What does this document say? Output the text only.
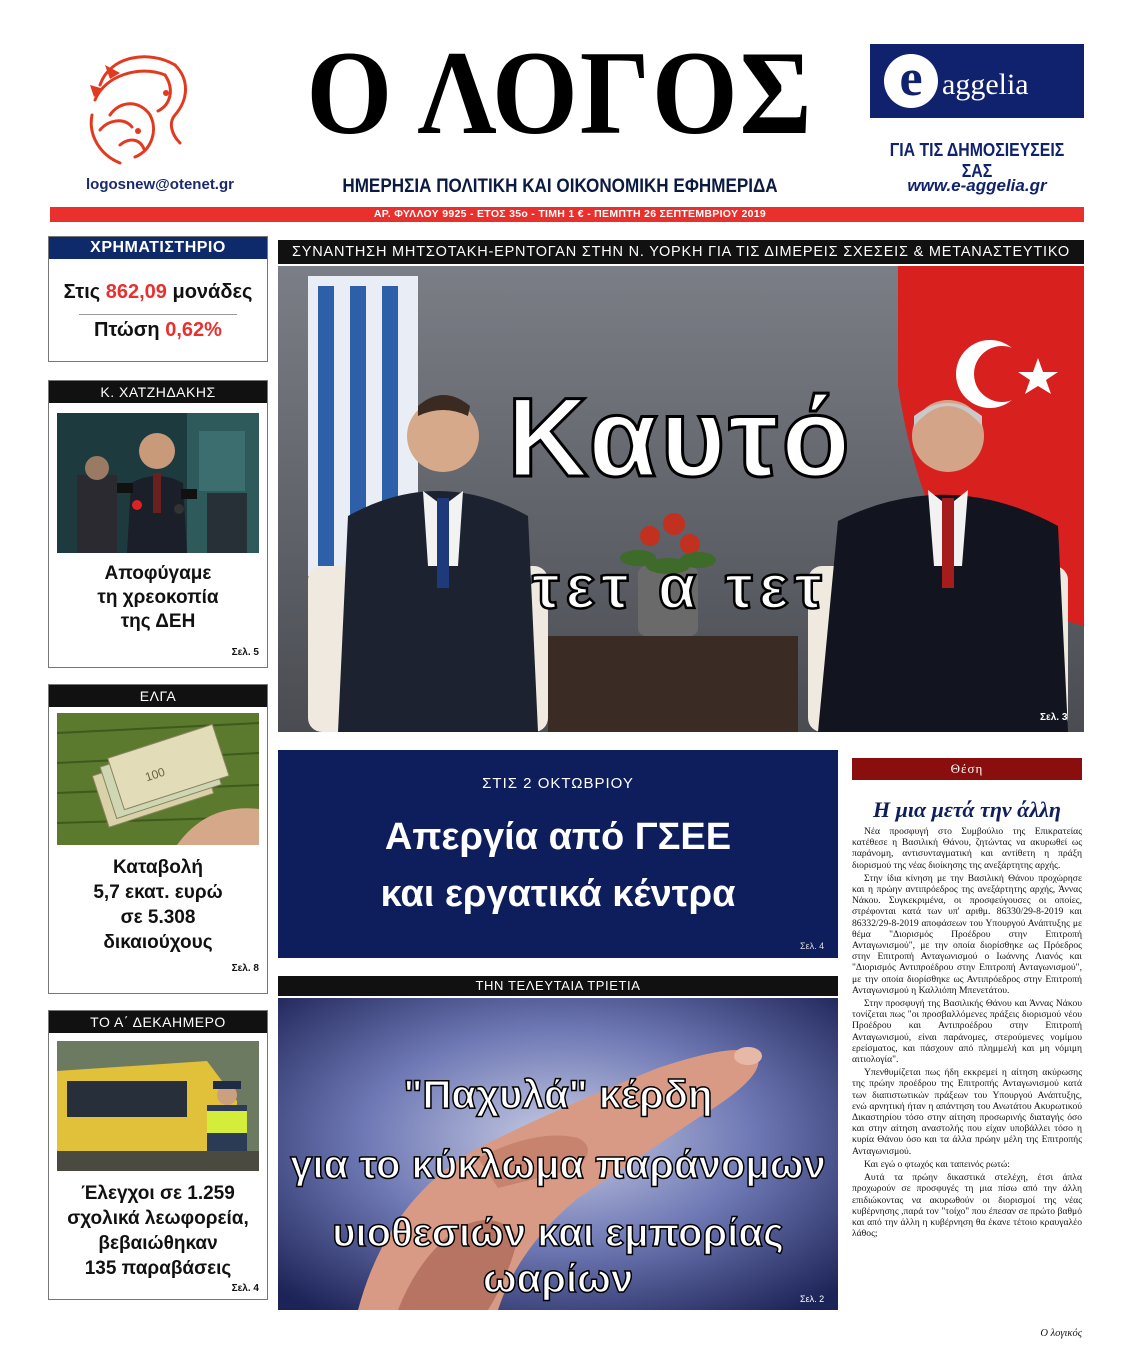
logosnew@otenet.gr
Ο ΛΟΓΟΣ
ΗΜΕΡΗΣΙΑ ΠΟΛΙΤΙΚΗ ΚΑΙ ΟΙΚΟΝΟΜΙΚΗ ΕΦΗΜΕΡΙΔΑ
e aggelia
ΓΙΑ ΤΙΣ ΔΗΜΟΣΙΕΥΣΕΙΣ ΣΑΣ
www.e-aggelia.gr
ΑΡ. ΦΥΛΛΟΥ 9925 - ΕΤΟΣ 35ο - ΤΙΜΗ 1 € - ΠΕΜΠΤΗ 26 ΣΕΠΤΕΜΒΡΙΟΥ 2019
ΧΡΗΜΑΤΙΣΤΗΡΙΟ
Στις 862,09 μονάδες
Πτώση 0,62%
Κ. ΧΑΤΖΗΔΑΚΗΣ
Αποφύγαμε
τη χρεοκοπία
της ΔΕΗ
Σελ. 5
ΕΛΓΑ
100
Καταβολή
5,7 εκατ. ευρώ
σε 5.308
δικαιούχους
Σελ. 8
ΤΟ Α΄ ΔΕΚΑΗΜΕΡΟ
Έλεγχοι σε 1.259
σχολικά λεωφορεία,
βεβαιώθηκαν
135 παραβάσεις
Σελ. 4
ΣΥΝΑΝΤΗΣΗ ΜΗΤΣΟΤΑΚΗ-ΕΡΝΤΟΓΑΝ ΣΤΗΝ Ν. ΥΟΡΚΗ ΓΙΑ ΤΙΣ ΔΙΜΕΡΕΙΣ ΣΧΕΣΕΙΣ & ΜΕΤΑΝΑΣΤΕΥΤΙΚΟ
Καυτό
τετ α τετ
Σελ. 3
ΣΤΙΣ 2 ΟΚΤΩΒΡΙΟΥ
Απεργία από ΓΣΕΕ
και εργατικά κέντρα
Σελ. 4
ΤΗΝ ΤΕΛΕΥΤΑΙΑ ΤΡΙΕΤΙΑ
"Παχυλά" κέρδη
για το κύκλωμα παράνομων
υιοθεσιών και εμπορίας ωαρίων	Σελ. 2
Θέση
Η μια μετά την άλλη

Νέα προσφυγή στο Συμβούλιο της Επικρατείας κατέθεσε η Βασιλική Θάνου, ζητώντας να ακυρωθεί ως παράνομη, αντισυνταγματική και αντίθετη η πράξη διορισμού της νέας διοίκησης της ανεξάρτητης αρχής.

Στην ίδια κίνηση με την Βασιλική Θάνου προχώρησε και η πρώην αντιπρόεδρος της ανεξάρτητης αρχής, Άννας Νάκου. Συγκεκριμένα, οι προσφεύγουσες οι οποίες, στρέφονται κατά των υπ' αριθμ. 86330/29-8-2019 και 86332/29-8-2019 αποφάσεων του Υπουργού Ανάπτυξης με θέμα "Διορισμός Προέδρου στην Επιτροπή Ανταγωνισμού", με την οποία διορίσθηκε ως Πρόεδρος στην Επιτροπή Ανταγωνισμού ο Ιωάννης Λιανός και "Διορισμός Αντιπροέδρου στην Επιτροπή Ανταγωνισμού", με την οποία διορίσθηκε ως Αντιπρόεδρος στην Επιτροπή Ανταγωνισμού η Καλλιόπη Μπενετάτου.

Στην προσφυγή της Βασιλικής Θάνου και Άννας Νάκου τονίζεται πως "οι προσβαλλόμενες πράξεις διορισμού νέου Προέδρου και Αντιπροέδρου στην Επιτροπή Ανταγωνισμού, είναι παράνομες, στερούμενες νομίμου ερείσματος, και πάσχουν από πλημμελή και μη νόμιμη αιτιολογία".

Υπενθυμίζεται πως ήδη εκκρεμεί η αίτηση ακύρωσης της πρώην προέδρου της Επιτροπής Ανταγωνισμού κατά των διαπιστωτικών πράξεων του Υπουργού Ανάπτυξης, ενώ αρνητική ήταν η απάντηση του Ανωτάτου Ακυρωτικού Δικαστηρίου τόσο στην αίτηση προσωρινής διαταγής όσο και στην αίτηση αναστολής που είχαν υποβάλλει τόσο η κυρία Θάνου όσο και τα άλλα πρώην μέλη της Επιτροπής Ανταγωνισμού.

Και εγώ ο φτωχός και ταπεινός ρωτώ:

Αυτά τα πρώην δικαστικά στελέχη, έτσι άπλα προχωρούν σε προσφυγές τη μια πίσω από την άλλη επιδιώκοντας να ακυρωθούν οι διορισμοί της νέας κυβέρνησης ,παρά τον "τοίχο" που έπεσαν σε πρώτο βαθμό και από την άλλη η κυβέρνηση θα έκανε τέτοιο κραυγαλέο λάθος;

Ο λογικός
